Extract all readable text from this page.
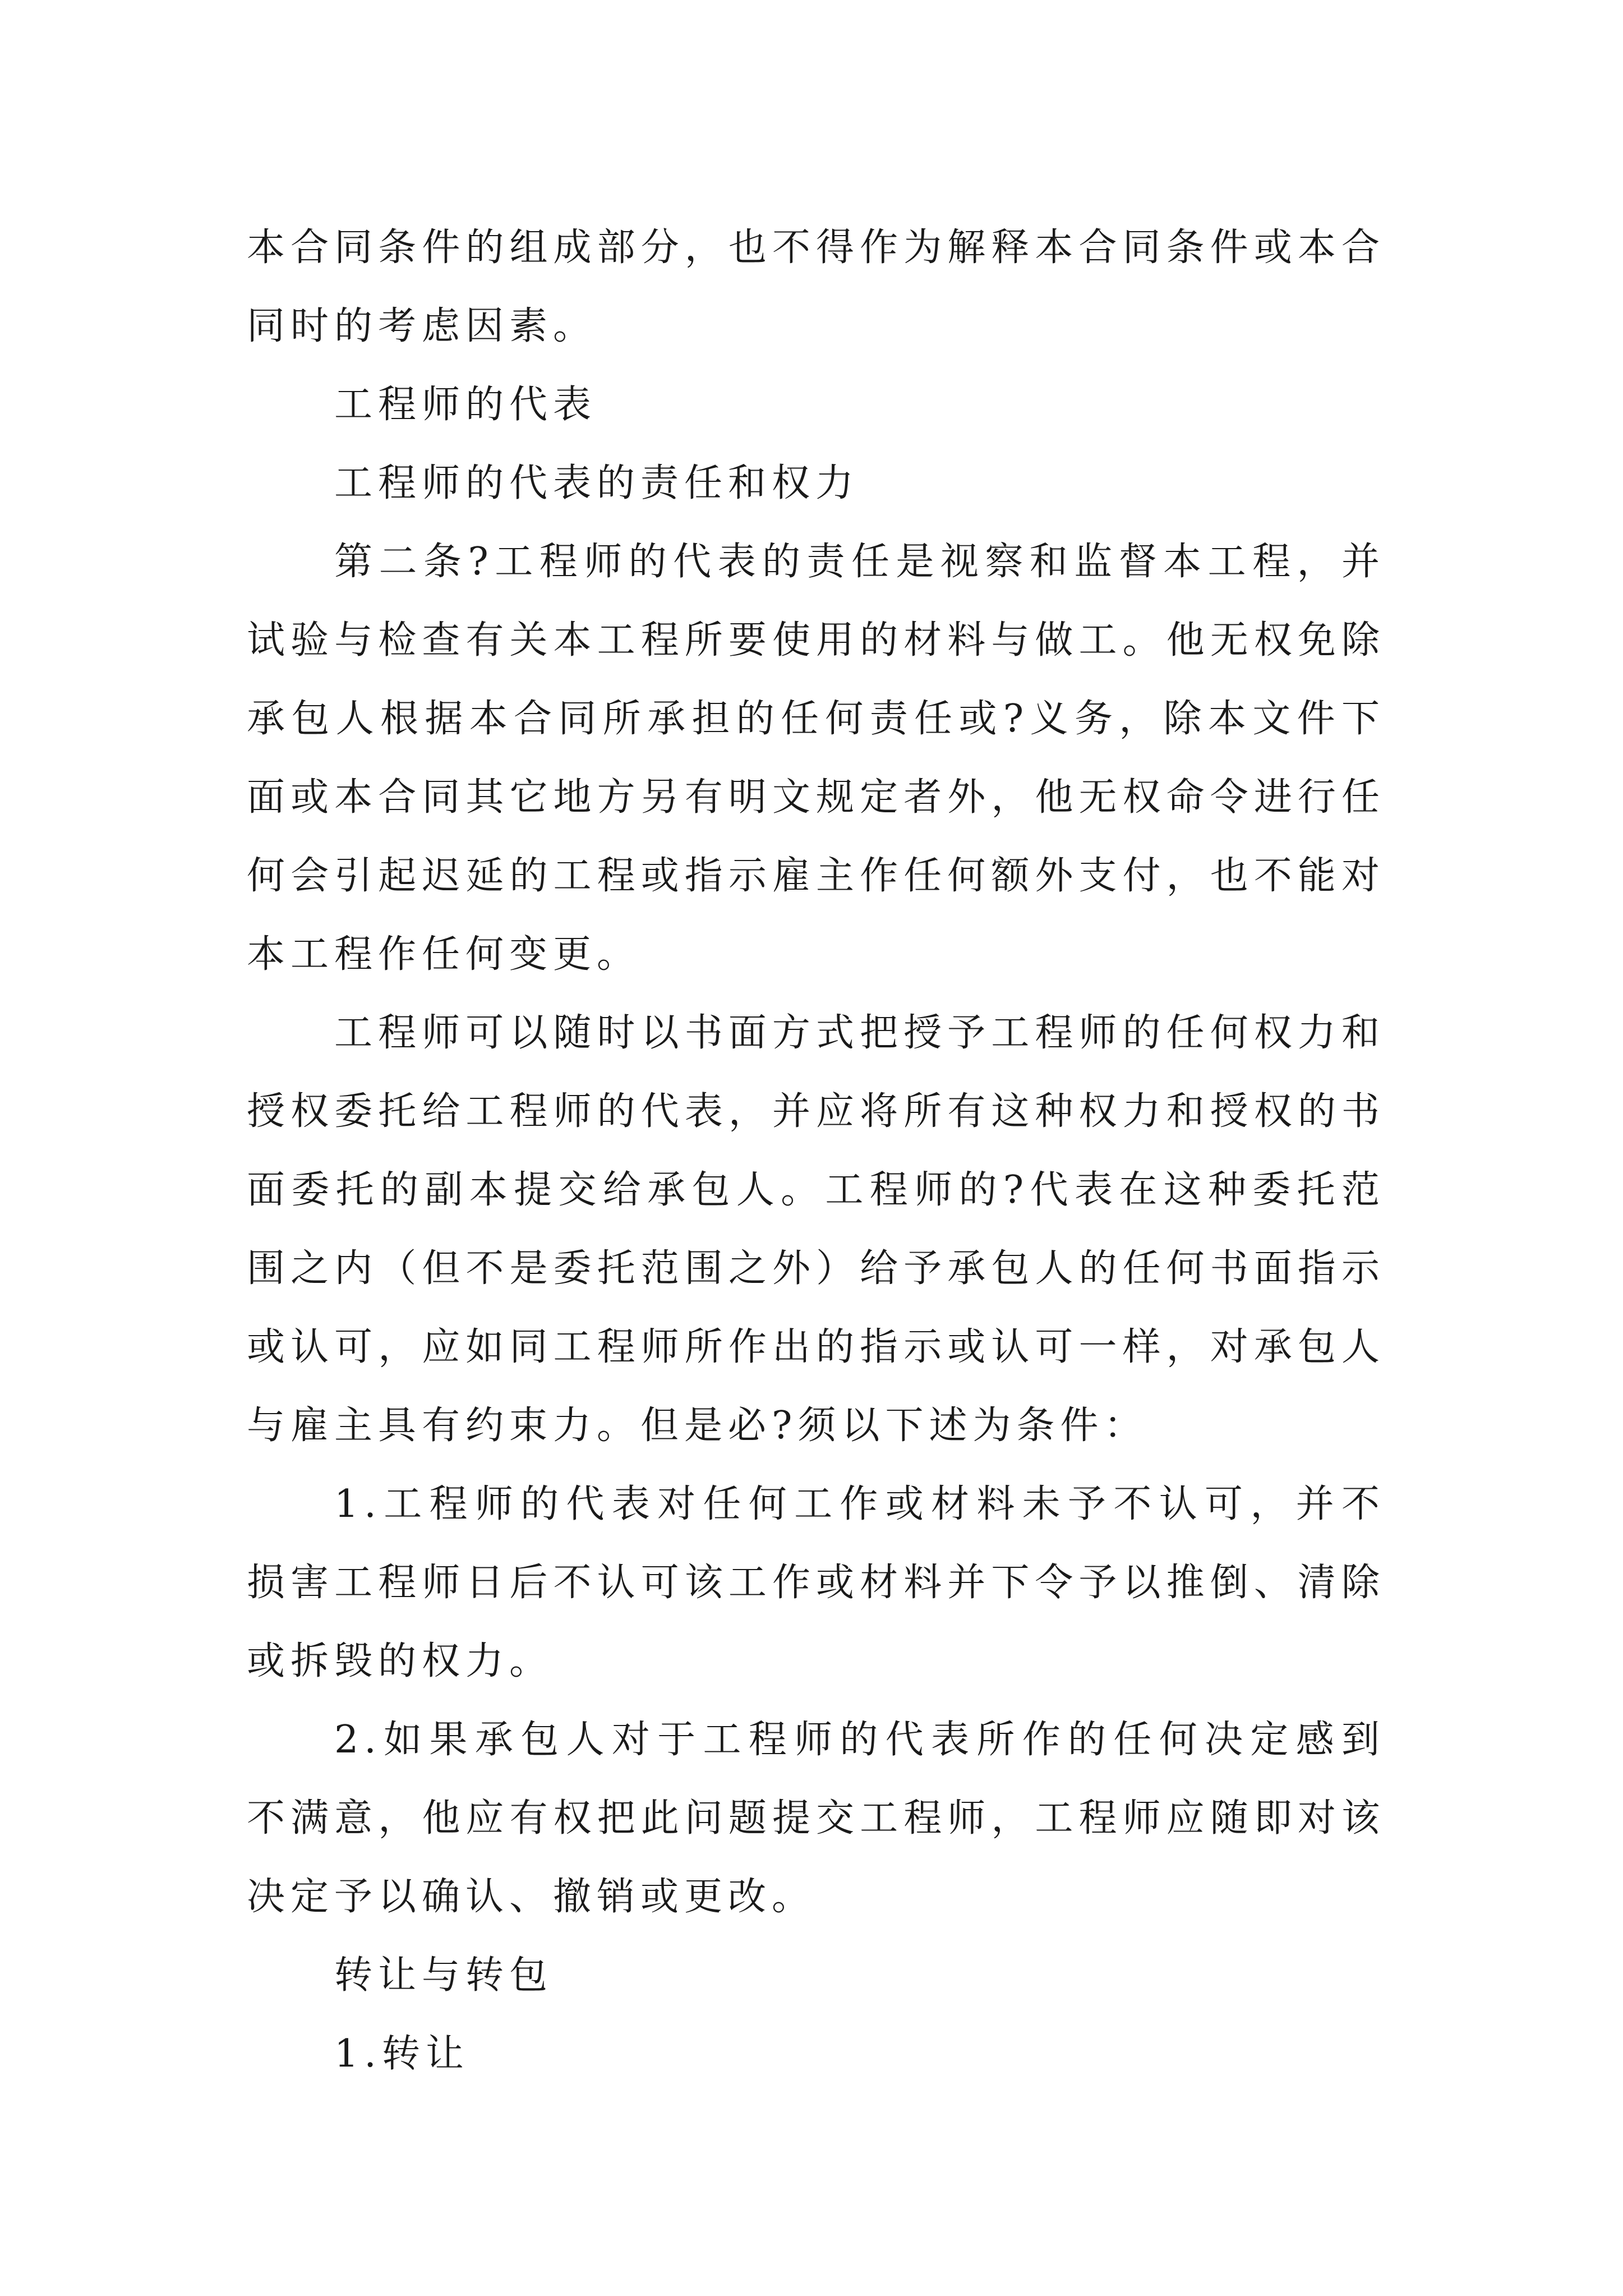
本合同条件的组成部分，也不得作为解释本合同条件或本合同时的考虑因素。

工程师的代表

工程师的代表的责任和权力

第二条?工程师的代表的责任是视察和监督本工程，并试验与检查有关本工程所要使用的材料与做工。他无权免除承包人根据本合同所承担的任何责任或?义务，除本文件下面或本合同其它地方另有明文规定者外，他无权命令进行任何会引起迟延的工程或指示雇主作任何额外支付，也不能对本工程作任何变更。

工程师可以随时以书面方式把授予工程师的任何权力和授权委托给工程师的代表，并应将所有这种权力和授权的书面委托的副本提交给承包人。工程师的?代表在这种委托范围之内（但不是委托范围之外）给予承包人的任何书面指示或认可，应如同工程师所作出的指示或认可一样，对承包人与雇主具有约束力。但是必?须以下述为条件：

1.工程师的代表对任何工作或材料未予不认可，并不损害工程师日后不认可该工作或材料并下令予以推倒、清除或拆毁的权力。

2.如果承包人对于工程师的代表所作的任何决定感到不满意，他应有权把此问题提交工程师，工程师应随即对该决定予以确认、撤销或更改。

转让与转包

1.转让
